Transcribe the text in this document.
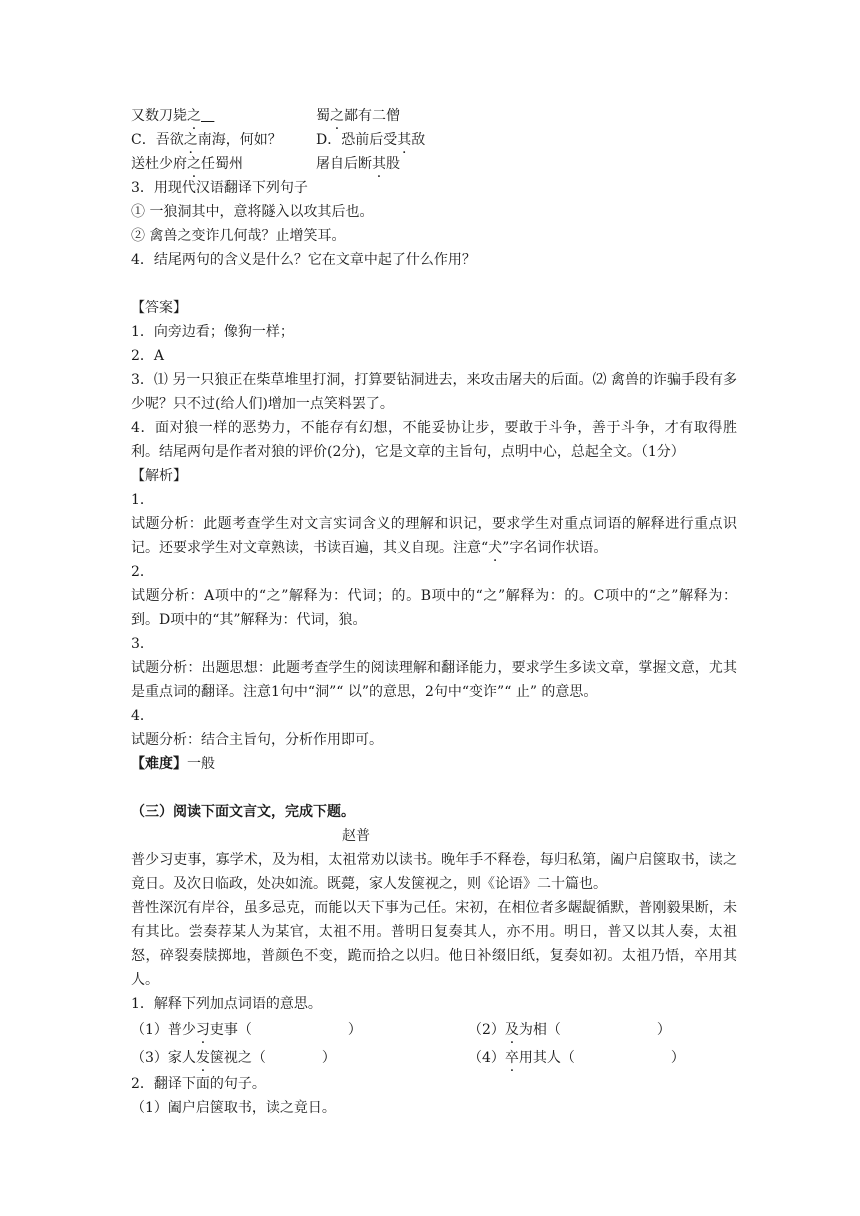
又数刀毙之	蜀之鄙有二僧
C．吾欲之南海，何如？ D．恐前后受其敌
送杜少府之任蜀州	屠自后断其股
3．用现代汉语翻译下列句子
① 一狼洞其中，意将隧入以攻其后也。
② 禽兽之变诈几何哉？止增笑耳。
4．结尾两句的含义是什么？它在文章中起了什么作用？
【答案】
1．向旁边看；像狗一样；
2．A
3．⑴ 另一只狼正在柴草堆里打洞，打算要钻洞进去，来攻击屠夫的后面。⑵ 禽兽的诈骗手段有多少呢？只不过(给人们)增加一点笑料罢了。
4．面对狼一样的恶势力，不能存有幻想，不能妥协让步，要敢于斗争，善于斗争，才有取得胜利。结尾两句是作者对狼的评价(2分)，它是文章的主旨句，点明中心，总起全文。（1分）
【解析】
1．
试题分析：此题考查学生对文言实词含义的理解和识记，要求学生对重点词语的解释进行重点识记。还要求学生对文章熟读，书读百遍，其义自现。注意“犬”字名词作状语。
2．
试题分析：A项中的“之”解释为：代词；的。B项中的“之”解释为：的。C项中的“之”解释为：到。D项中的“其”解释为：代词，狼。
3．
试题分析：出题思想：此题考查学生的阅读理解和翻译能力，要求学生多读文章，掌握文意，尤其是重点词的翻译。注意1句中“洞”“ 以”的意思，2句中“变诈”“ 止” 的意思。
4．
试题分析：结合主旨句，分析作用即可。
【难度】一般
（三）阅读下面文言文，完成下题。
赵普
普少习吏事，寡学术，及为相，太祖常劝以读书。晚年手不释卷，每归私第，阖户启箧取书，读之竟日。及次日临政，处决如流。既薨，家人发箧视之，则《论语》二十篇也。
普性深沉有岸谷，虽多忌克，而能以天下事为己任。宋初，在相位者多龌龊循默，普刚毅果断，未有其比。尝奏荐某人为某官，太祖不用。普明日复奏其人，亦不用。明日，普又以其人奏，太祖怒，碎裂奏牍掷地，普颜色不变，跪而拾之以归。他日补缀旧纸，复奏如初。太祖乃悟，卒用其人。
1．解释下列加点词语的意思。
（1）普少习吏事（	）	（2）及为相（	）
（3）家人发箧视之（	）	（4）卒用其人（	）
2．翻译下面的句子。
（1）阖户启箧取书，读之竟日。
